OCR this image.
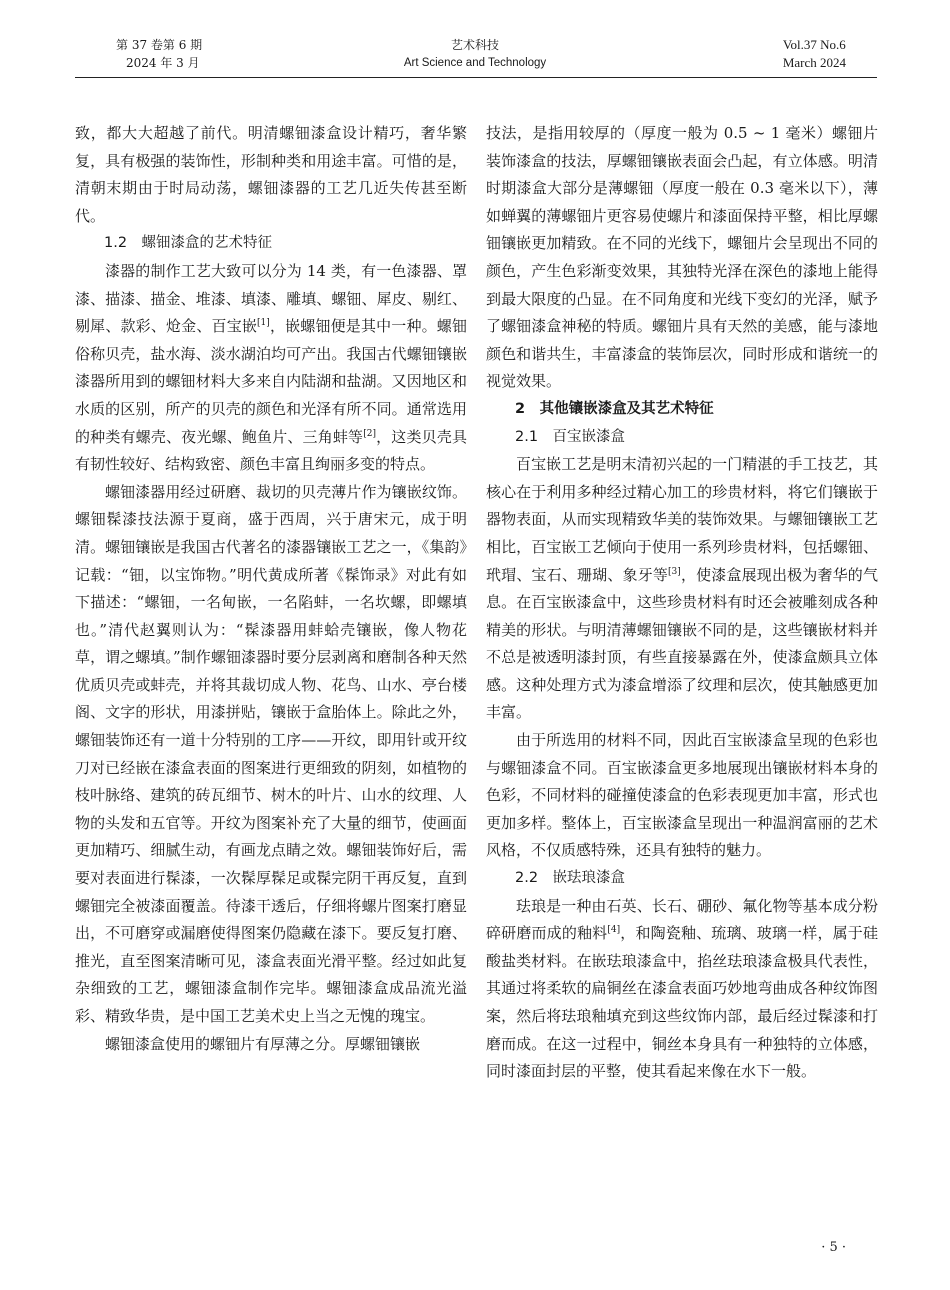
第 37 卷第 6 期
2024 年 3 月
艺术科技
Art Science and Technology
Vol.37 No.6
March 2024

致，都大大超越了前代。明清螺钿漆盒设计精巧，奢华繁复，具有极强的装饰性，形制种类和用途丰富。可惜的是，清朝末期由于时局动荡，螺钿漆器的工艺几近失传甚至断代。

1.2　螺钿漆盒的艺术特征

漆器的制作工艺大致可以分为 14 类，有一色漆器、罩漆、描漆、描金、堆漆、填漆、雕填、螺钿、犀皮、剔红、剔犀、款彩、炝金、百宝嵌[1]，嵌螺钿便是其中一种。螺钿俗称贝壳，盐水海、淡水湖泊均可产出。我国古代螺钿镶嵌漆器所用到的螺钿材料大多来自内陆湖和盐湖。又因地区和水质的区别，所产的贝壳的颜色和光泽有所不同。通常选用的种类有螺壳、夜光螺、鲍鱼片、三角蚌等[2]，这类贝壳具有韧性较好、结构致密、颜色丰富且绚丽多变的特点。

螺钿漆器用经过研磨、裁切的贝壳薄片作为镶嵌纹饰。螺钿髹漆技法源于夏商，盛于西周，兴于唐宋元，成于明清。螺钿镶嵌是我国古代著名的漆器镶嵌工艺之一，《集韵》记载：“钿，以宝饰物。”明代黄成所著《髹饰录》对此有如下描述：“螺钿，一名甸嵌，一名陷蚌，一名坎螺，即螺填也。”清代赵翼则认为：“髹漆器用蚌蛤壳镶嵌，像人物花草，谓之螺填。”制作螺钿漆器时要分层剥离和磨制各种天然优质贝壳或蚌壳，并将其裁切成人物、花鸟、山水、亭台楼阁、文字的形状，用漆拼贴，镶嵌于盒胎体上。除此之外，螺钿装饰还有一道十分特别的工序——开纹，即用针或开纹刀对已经嵌在漆盒表面的图案进行更细致的阴刻，如植物的枝叶脉络、建筑的砖瓦细节、树木的叶片、山水的纹理、人物的头发和五官等。开纹为图案补充了大量的细节，使画面更加精巧、细腻生动，有画龙点睛之效。螺钿装饰好后，需要对表面进行髹漆，一次髹厚髹足或髹完阴干再反复，直到螺钿完全被漆面覆盖。待漆干透后，仔细将螺片图案打磨显出，不可磨穿或漏磨使得图案仍隐藏在漆下。要反复打磨、推光，直至图案清晰可见，漆盒表面光滑平整。经过如此复杂细致的工艺，螺钿漆盒制作完毕。螺钿漆盒成品流光溢彩、精致华贵，是中国工艺美术史上当之无愧的瑰宝。

螺钿漆盒使用的螺钿片有厚薄之分。厚螺钿镶嵌

技法，是指用较厚的（厚度一般为 0.5 ~ 1 毫米）螺钿片装饰漆盒的技法，厚螺钿镶嵌表面会凸起，有立体感。明清时期漆盒大部分是薄螺钿（厚度一般在 0.3 毫米以下），薄如蝉翼的薄螺钿片更容易使螺片和漆面保持平整，相比厚螺钿镶嵌更加精致。在不同的光线下，螺钿片会呈现出不同的颜色，产生色彩渐变效果，其独特光泽在深色的漆地上能得到最大限度的凸显。在不同角度和光线下变幻的光泽，赋予了螺钿漆盒神秘的特质。螺钿片具有天然的美感，能与漆地颜色和谐共生，丰富漆盒的装饰层次，同时形成和谐统一的视觉效果。

2　其他镶嵌漆盒及其艺术特征

2.1　百宝嵌漆盒

百宝嵌工艺是明末清初兴起的一门精湛的手工技艺，其核心在于利用多种经过精心加工的珍贵材料，将它们镶嵌于器物表面，从而实现精致华美的装饰效果。与螺钿镶嵌工艺相比，百宝嵌工艺倾向于使用一系列珍贵材料，包括螺钿、玳瑁、宝石、珊瑚、象牙等[3]，使漆盒展现出极为奢华的气息。在百宝嵌漆盒中，这些珍贵材料有时还会被雕刻成各种精美的形状。与明清薄螺钿镶嵌不同的是，这些镶嵌材料并不总是被透明漆封顶，有些直接暴露在外，使漆盒颇具立体感。这种处理方式为漆盒增添了纹理和层次，使其触感更加丰富。

由于所选用的材料不同，因此百宝嵌漆盒呈现的色彩也与螺钿漆盒不同。百宝嵌漆盒更多地展现出镶嵌材料本身的色彩，不同材料的碰撞使漆盒的色彩表现更加丰富，形式也更加多样。整体上，百宝嵌漆盒呈现出一种温润富丽的艺术风格，不仅质感特殊，还具有独特的魅力。

2.2　嵌珐琅漆盒

珐琅是一种由石英、长石、硼砂、氟化物等基本成分粉碎研磨而成的釉料[4]，和陶瓷釉、琉璃、玻璃一样，属于硅酸盐类材料。在嵌珐琅漆盒中，掐丝珐琅漆盒极具代表性，其通过将柔软的扁铜丝在漆盒表面巧妙地弯曲成各种纹饰图案，然后将珐琅釉填充到这些纹饰内部，最后经过髹漆和打磨而成。在这一过程中，铜丝本身具有一种独特的立体感，同时漆面封层的平整，使其看起来像在水下一般。

· 5 ·
